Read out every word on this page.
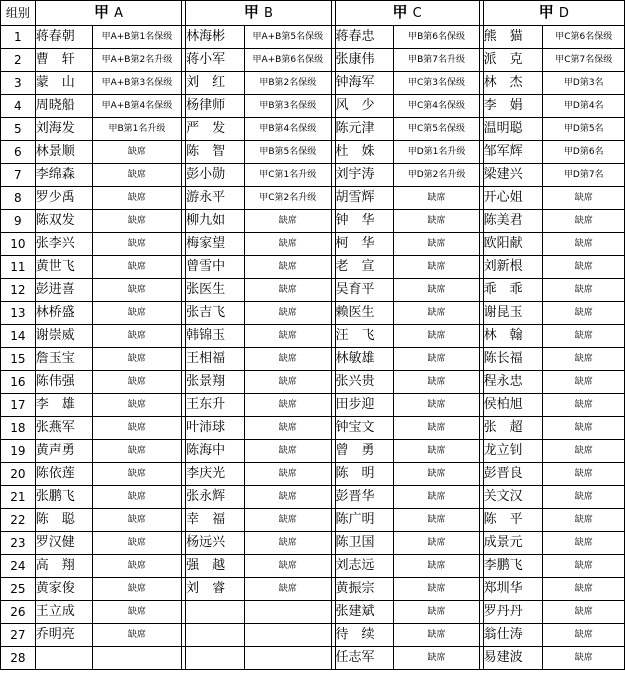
组别	甲 A			甲 B			甲 C			甲 D	
1	蒋春朝	甲A+B第1名保级		林海彬	甲A+B第5名保级		蒋春忠	甲B第6名保级		熊猫	甲C第6名保级
2	曹轩	甲A+B第2名升级		蒋小军	甲A+B第6名保级		张康伟	甲B第7名升级		派克	甲C第7名保级
3	蒙山	甲A+B第3名保级		刘红	甲B第2名保级		钟海军	甲C第3名保级		林杰	甲D第3名
4	周晓船	甲A+B第4名保级		杨律师	甲B第3名保级		风少	甲C第4名保级		李娟	甲D第4名
5	刘海发	甲B第1名升级		严发	甲B第4名保级		陈元津	甲C第5名保级		温明聪	甲D第5名
6	林景顺	缺席		陈智	甲B第5名保级		杜姝	甲D第1名升级		邹军辉	甲D第6名
7	李绵森	缺席		彭小勋	甲C第1名升级		刘宇涛	甲D第2名升级		梁建兴	甲D第7名
8	罗少禹	缺席		游永平	甲C第2名升级		胡雪辉	缺席		开心姐	缺席
9	陈双发	缺席		柳九如	缺席		钟华	缺席		陈美君	缺席
10	张李兴	缺席		梅家望	缺席		柯华	缺席		欧阳献	缺席
11	黄世飞	缺席		曾雪中	缺席		老宣	缺席		刘新根	缺席
12	彭进喜	缺席		张医生	缺席		吴育平	缺席		乖乖	缺席
13	林桥盛	缺席		张吉飞	缺席		赖医生	缺席		谢昆玉	缺席
14	谢崇威	缺席		韩锦玉	缺席		汪飞	缺席		林翰	缺席
15	詹玉宝	缺席		王相福	缺席		林敏雄	缺席		陈长福	缺席
16	陈伟强	缺席		张景翔	缺席		张兴贵	缺席		程永忠	缺席
17	李雄	缺席		王东升	缺席		田步迎	缺席		侯柏旭	缺席
18	张燕军	缺席		叶沛球	缺席		钟宝文	缺席		张超	缺席
19	黄声勇	缺席		陈海中	缺席		曾勇	缺席		龙立钊	缺席
20	陈依莲	缺席		李庆光	缺席		陈明	缺席		彭晋良	缺席
21	张鹏飞	缺席		张永辉	缺席		彭晋华	缺席		关文汉	缺席
22	陈聪	缺席		幸福	缺席		陈广明	缺席		陈平	缺席
23	罗汉健	缺席		杨远兴	缺席		陈卫国	缺席		成景元	缺席
24	高翔	缺席		强越	缺席		刘志远	缺席		李鹏飞	缺席
25	黄家俊	缺席		刘睿	缺席		黄振宗	缺席		郑圳华	缺席
26	王立成	缺席					张建斌	缺席		罗丹丹	缺席
27	乔明亮	缺席					待续	缺席		翁仕涛	缺席
28							任志军	缺席		易建波	缺席
